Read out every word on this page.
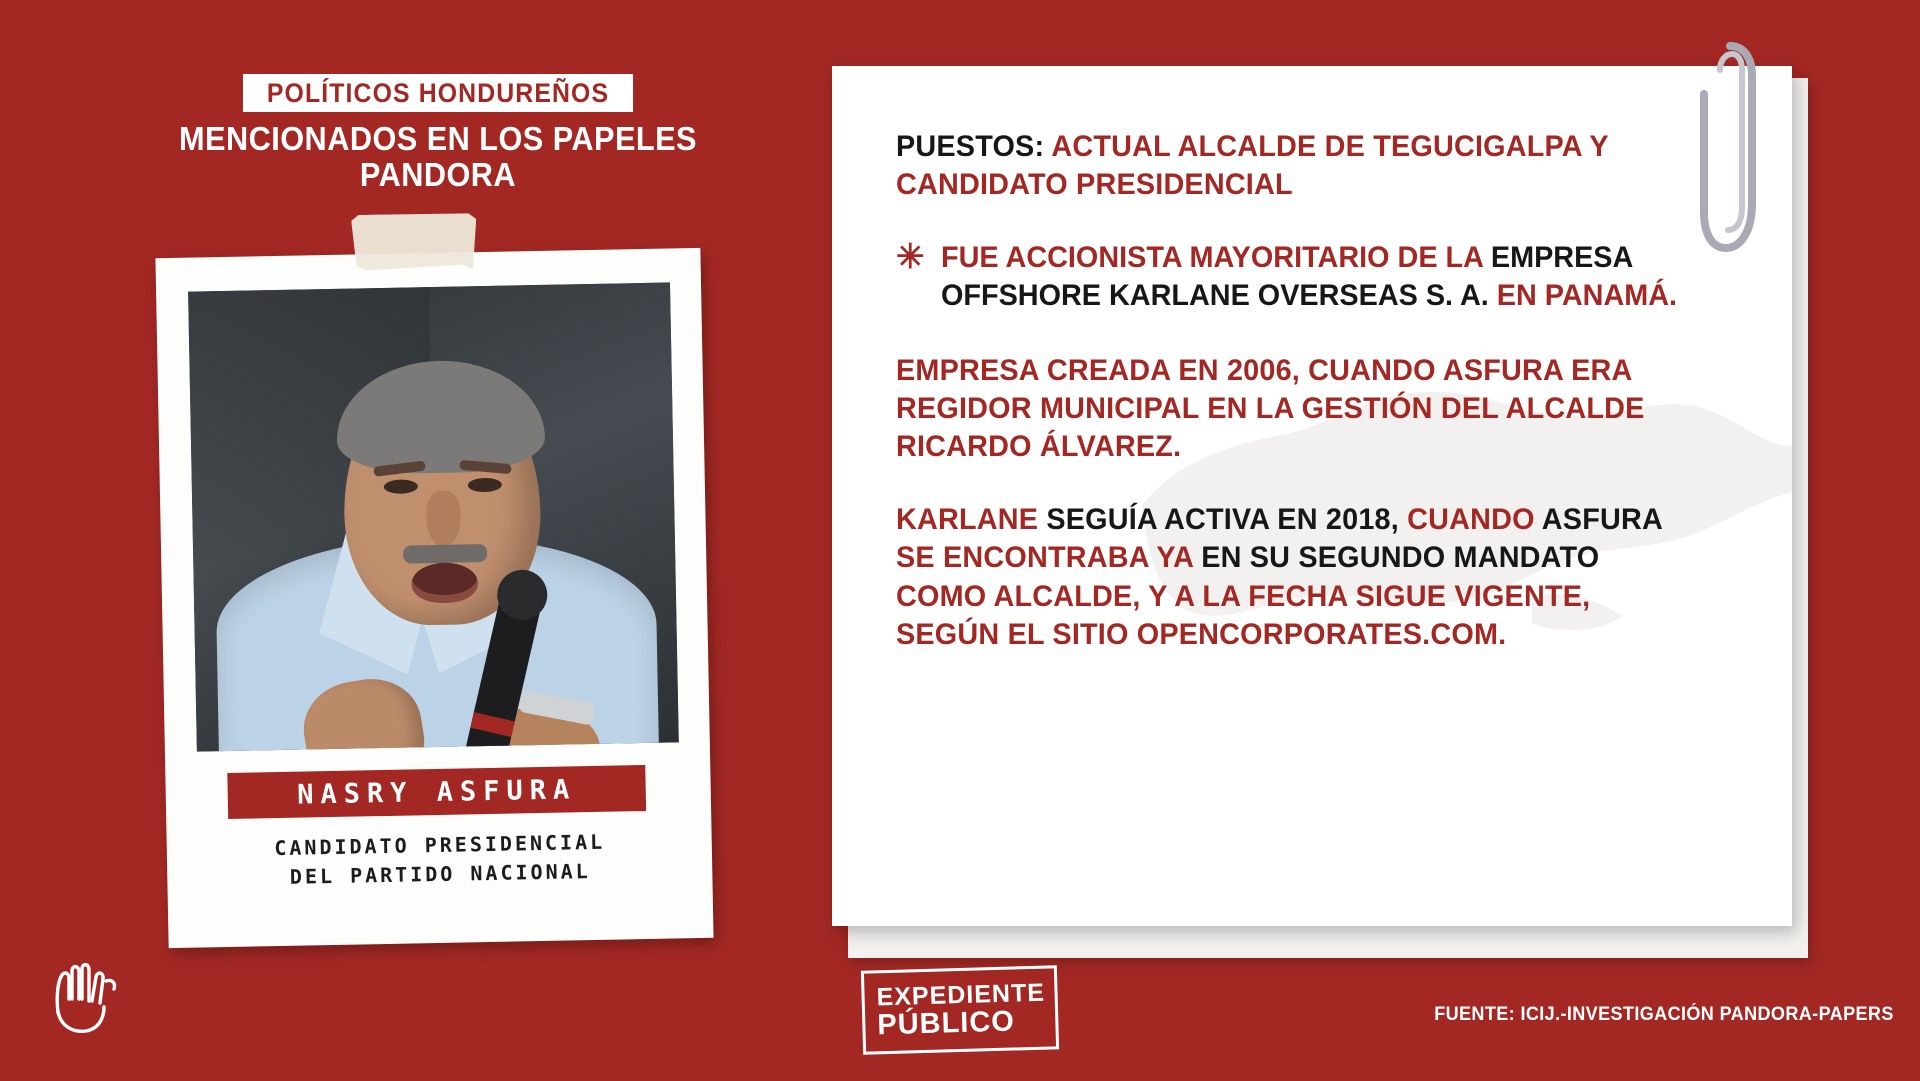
POLÍTICOS HONDUREÑOS
MENCIONADOS EN LOS PAPELES PANDORA
NASRY ASFURA
CANDIDATO PRESIDENCIAL
DEL PARTIDO NACIONAL

PUESTOS: ACTUAL ALCALDE DE TEGUCIGALPA Y CANDIDATO PRESIDENCIAL

✳ FUE ACCIONISTA MAYORITARIO DE LA EMPRESA OFFSHORE KARLANE OVERSEAS S. A. EN PANAMÁ.

EMPRESA CREADA EN 2006, CUANDO ASFURA ERA REGIDOR MUNICIPAL EN LA GESTIÓN DEL ALCALDE RICARDO ÁLVAREZ.

KARLANE SEGUÍA ACTIVA EN 2018, CUANDO ASFURA SE ENCONTRABA YA EN SU SEGUNDO MANDATO COMO ALCALDE, Y A LA FECHA SIGUE VIGENTE, SEGÚN EL SITIO OPENCORPORATES.COM.

EXPEDIENTE
PÚBLICO	FUENTE: ICIJ.-INVESTIGACIÓN PANDORA-PAPERS
